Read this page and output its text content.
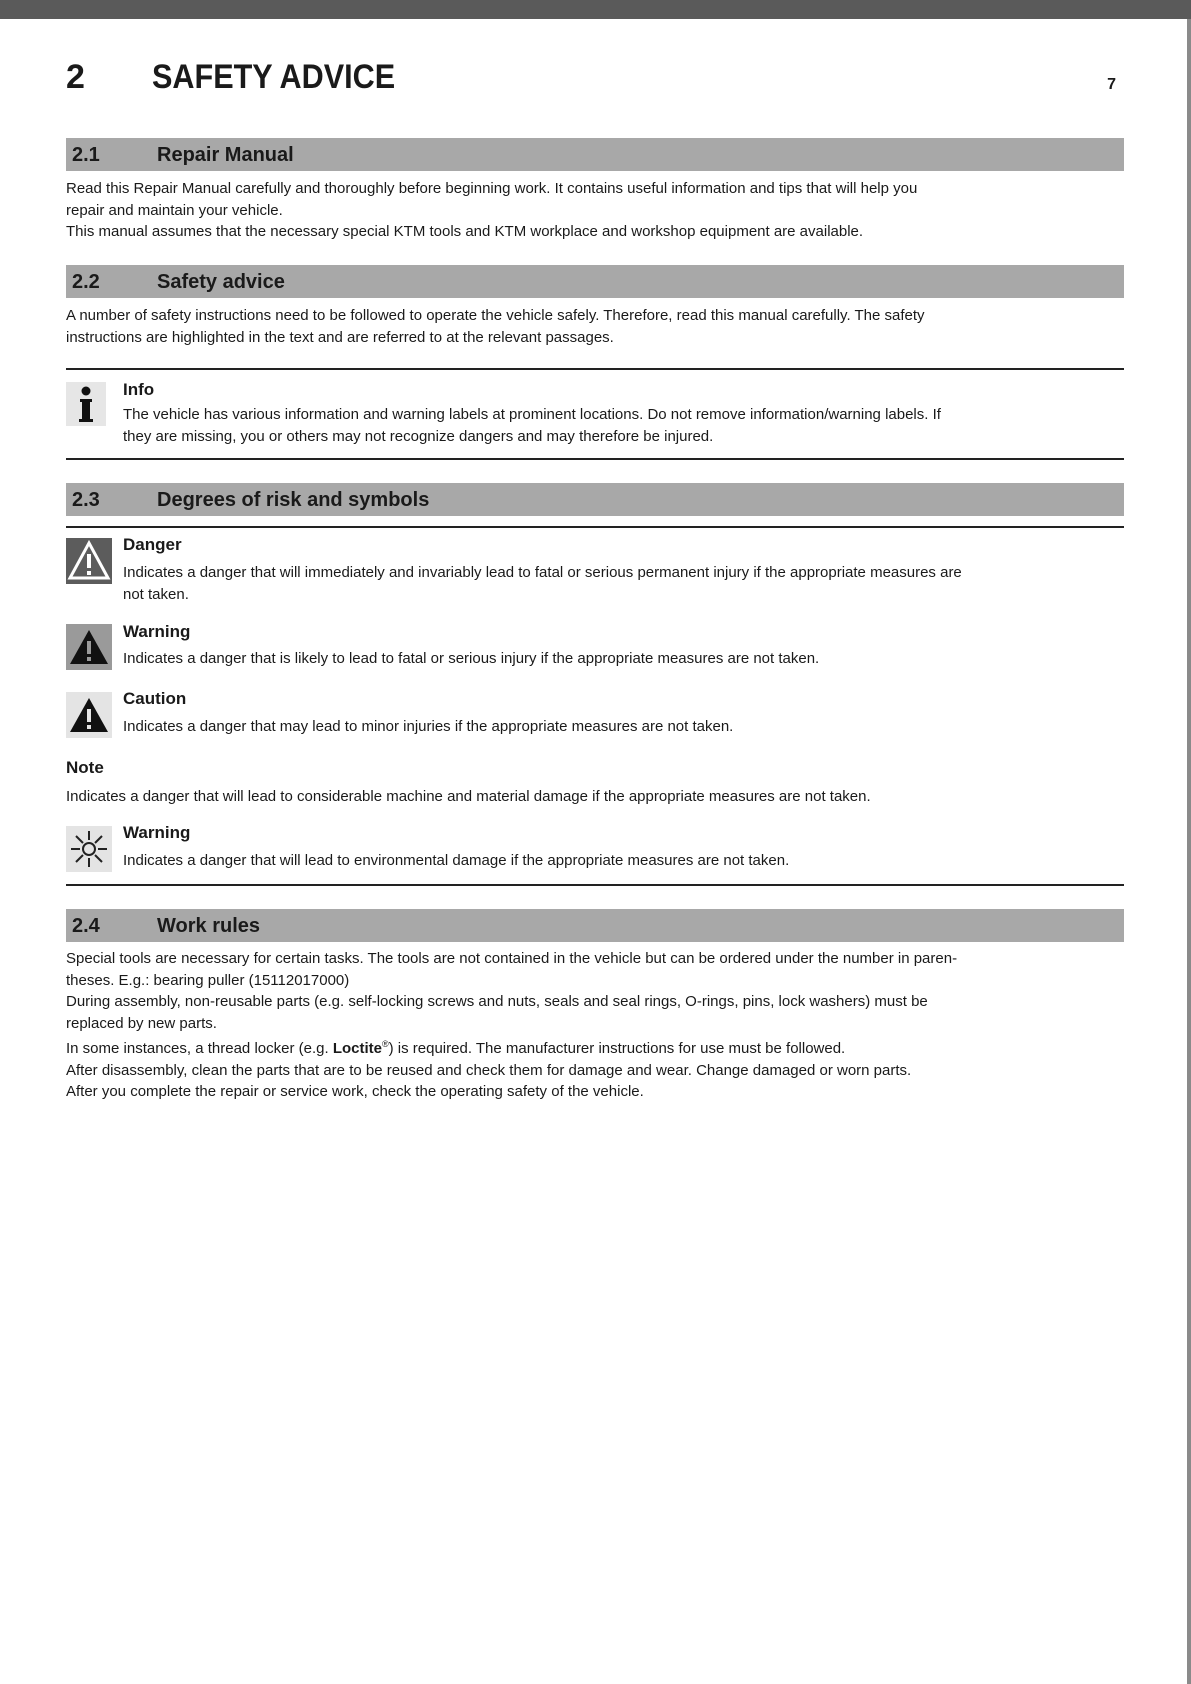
2 SAFETY ADVICE	7
2.1	Repair Manual
Read this Repair Manual carefully and thoroughly before beginning work. It contains useful information and tips that will help you
repair and maintain your vehicle.
This manual assumes that the necessary special KTM tools and KTM workplace and workshop equipment are available.
2.2	Safety advice
A number of safety instructions need to be followed to operate the vehicle safely. Therefore, read this manual carefully. The safety
instructions are highlighted in the text and are referred to at the relevant passages.
Info
The vehicle has various information and warning labels at prominent locations. Do not remove information/warning labels. If
they are missing, you or others may not recognize dangers and may therefore be injured.
2.3	Degrees of risk and symbols
Danger
Indicates a danger that will immediately and invariably lead to fatal or serious permanent injury if the appropriate measures are
not taken.
Warning
Indicates a danger that is likely to lead to fatal or serious injury if the appropriate measures are not taken.
Caution
Indicates a danger that may lead to minor injuries if the appropriate measures are not taken.
Note
Indicates a danger that will lead to considerable machine and material damage if the appropriate measures are not taken.
Warning
Indicates a danger that will lead to environmental damage if the appropriate measures are not taken.
2.4	Work rules
Special tools are necessary for certain tasks. The tools are not contained in the vehicle but can be ordered under the number in paren-
theses. E.g.: bearing puller (15112017000)
During assembly, non-reusable parts (e.g. self-locking screws and nuts, seals and seal rings, O-rings, pins, lock washers) must be
replaced by new parts.
In some instances, a thread locker (e.g. Loctite®) is required. The manufacturer instructions for use must be followed.
After disassembly, clean the parts that are to be reused and check them for damage and wear. Change damaged or worn parts.
After you complete the repair or service work, check the operating safety of the vehicle.
